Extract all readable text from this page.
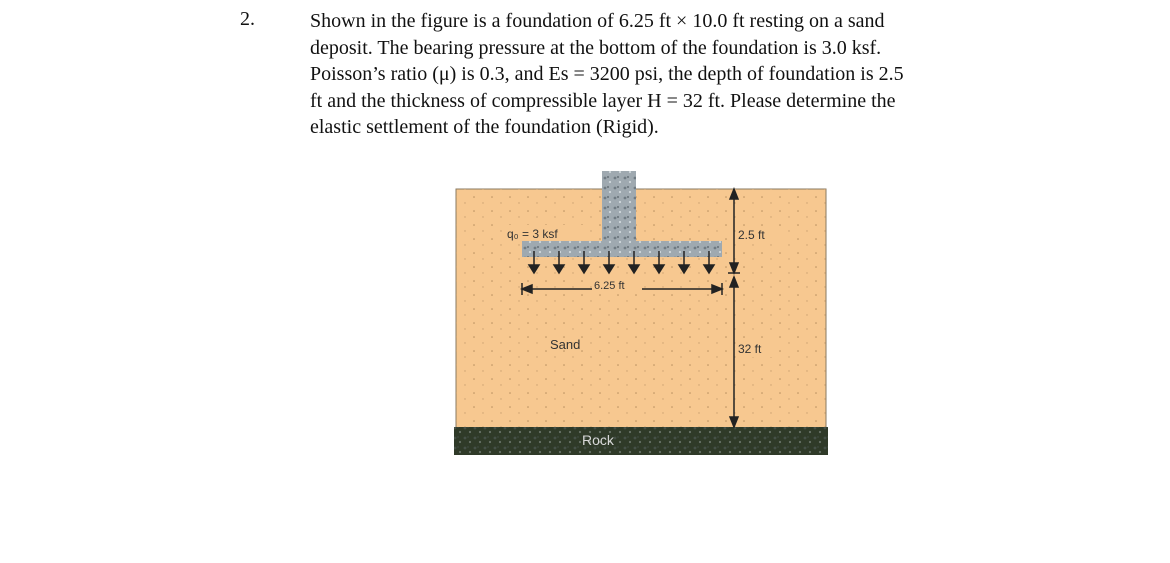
2.	Shown in the figure is a foundation of 6.25 ft × 10.0 ft resting on a sand

deposit. The bearing pressure at the bottom of the foundation is 3.0 ksf.

Poisson’s ratio (μ) is 0.3, and Es = 3200 psi, the depth of foundation is 2.5

ft and the thickness of compressible layer H = 32 ft. Please determine the

elastic settlement of the foundation (Rigid).

q₀ = 3 ksf
6.25 ft
2.5 ft
32 ft
Sand
Rock
